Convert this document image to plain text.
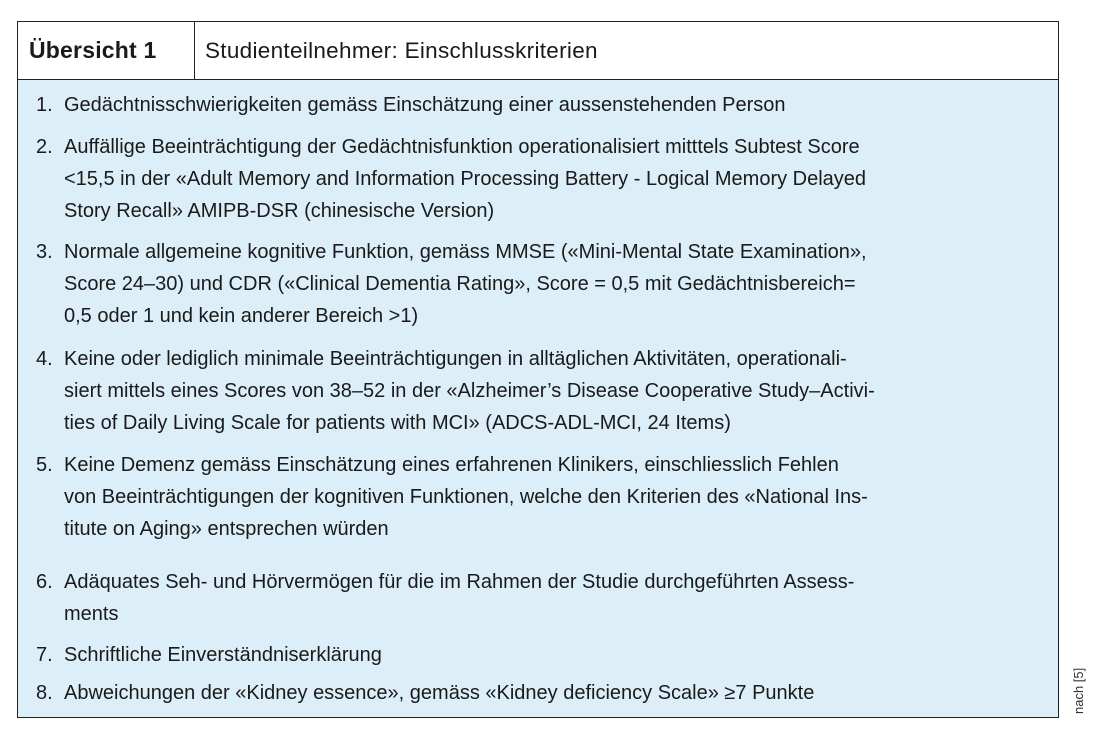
Übersicht 1	Studienteilnehmer: Einschlusskriterien
1. Gedächtnisschwierigkeiten gemäss Einschätzung einer aussenstehenden Person
2. Auffällige Beeinträchtigung der Gedächtnisfunktion operationalisiert mitttels Subtest Score
<15,5 in der «Adult Memory and Information Processing Battery - Logical Memory Delayed
Story Recall» AMIPB-DSR (chinesische Version)
3. Normale allgemeine kognitive Funktion, gemäss MMSE («Mini-Mental State Examination»,
Score 24–30) und CDR («Clinical Dementia Rating», Score = 0,5 mit Gedächtnisbereich=
0,5 oder 1 und kein anderer Bereich >1)
4. Keine oder lediglich minimale Beeinträchtigungen in alltäglichen Aktivitäten, operationali-
siert mittels eines Scores von 38–52 in der «Alzheimer’s Disease Cooperative Study–Activi-
ties of Daily Living Scale for patients with MCI» (ADCS-ADL-MCI, 24 Items)
5. Keine Demenz gemäss Einschätzung eines erfahrenen Klinikers, einschliesslich Fehlen
von Beeinträchtigungen der kognitiven Funktionen, welche den Kriterien des «National Ins-
titute on Aging» entsprechen würden
6. Adäquates Seh- und Hörvermögen für die im Rahmen der Studie durchgeführten Assess-
ments
7. Schriftliche Einverständniserklärung
8. Abweichungen der «Kidney essence», gemäss «Kidney deficiency Scale» ≥7 Punkte	nach [5]
